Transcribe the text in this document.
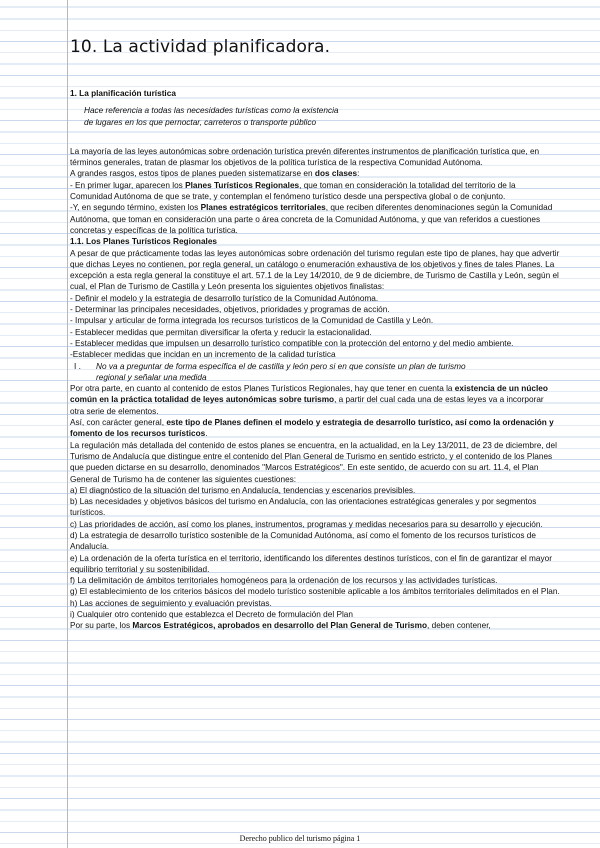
10. La actividad planificadora.

1. La planificación turística

Hace referencia a todas las necesidades turísticas como la existencia
de lugares en los que pernoctar, carreteros o transporte público

La mayoría de las leyes autonómicas sobre ordenación turística prevén diferentes instrumentos de planificación turística que, en términos generales, tratan de plasmar los objetivos de la política turística de la respectiva Comunidad Autónoma.

A grandes rasgos, estos tipos de planes pueden sistematizarse en dos clases:

- En primer lugar, aparecen los Planes Turísticos Regionales, que toman en consideración la totalidad del territorio de la Comunidad Autónoma de que se trate, y contemplan el fenómeno turístico desde una perspectiva global o de conjunto.

-Y, en segundo término, existen los Planes estratégicos territoriales, que reciben diferentes denominaciones según la Comunidad Autónoma, que toman en consideración una parte o área concreta de la Comunidad Autónoma, y que van referidos a cuestiones concretas y específicas de la política turística.

1.1. Los Planes Turísticos Regionales

A pesar de que prácticamente todas las leyes autonómicas sobre ordenación del turismo regulan este tipo de planes, hay que advertir que dichas Leyes no contienen, por regla general, un catálogo o enumeración exhaustiva de los objetivos y fines de tales Planes. La excepción a esta regla general la constituye el art. 57.1 de la Ley 14/2010, de 9 de diciembre, de Turismo de Castilla y León, según el cual, el Plan de Turismo de Castilla y León presenta los siguientes objetivos finalistas:

- Definir el modelo y la estrategia de desarrollo turístico de la Comunidad Autónoma.
- Determinar las principales necesidades, objetivos, prioridades y programas de acción.
- Impulsar y articular de forma integrada los recursos turísticos de la Comunidad de Castilla y León.
- Establecer medidas que permitan diversificar la oferta y reducir la estacionalidad.
- Establecer medidas que impulsen un desarrollo turístico compatible con la protección del entorno y del medio ambiente.
-Establecer medidas que incidan en un incremento de la calidad turística
I .	No va a preguntar de forma específica el de castilla y león pero si en que consiste un plan de turismo regional y señalar una medida

Por otra parte, en cuanto al contenido de estos Planes Turísticos Regionales, hay que tener en cuenta la existencia de un núcleo común en la práctica totalidad de leyes autonómicas sobre turismo, a partir del cual cada una de estas leyes va a incorporar otra serie de elementos.

Así, con carácter general, este tipo de Planes definen el modelo y estrategia de desarrollo turístico, así como la ordenación y fomento de los recursos turísticos.

La regulación más detallada del contenido de estos planes se encuentra, en la actualidad, en la Ley 13/2011, de 23 de diciembre, del Turismo de Andalucía que distingue entre el contenido del Plan General de Turismo en sentido estricto, y el contenido de los Planes que pueden dictarse en su desarrollo, denominados "Marcos Estratégicos". En este sentido, de acuerdo con su art. 11.4, el Plan General de Turismo ha de contener las siguientes cuestiones:

a) El diagnóstico de la situación del turismo en Andalucía, tendencias y escenarios previsibles.
b) Las necesidades y objetivos básicos del turismo en Andalucía, con las orientaciones estratégicas generales y por segmentos turísticos.
c) Las prioridades de acción, así como los planes, instrumentos, programas y medidas necesarios para su desarrollo y ejecución.
d) La estrategia de desarrollo turístico sostenible de la Comunidad Autónoma, así como el fomento de los recursos turísticos de Andalucía.
e) La ordenación de la oferta turística en el territorio, identificando los diferentes destinos turísticos, con el fin de garantizar el mayor equilibrio territorial y su sostenibilidad.
f) La delimitación de ámbitos territoriales homogéneos para la ordenación de los recursos y las actividades turísticas.
g) El establecimiento de los criterios básicos del modelo turístico sostenible aplicable a los ámbitos territoriales delimitados en el Plan.
h) Las acciones de seguimiento y evaluación previstas.
i) Cualquier otro contenido que establezca el Decreto de formulación del Plan

Por su parte, los Marcos Estratégicos, aprobados en desarrollo del Plan General de Turismo, deben contener,

Derecho publico del turismo página 1
